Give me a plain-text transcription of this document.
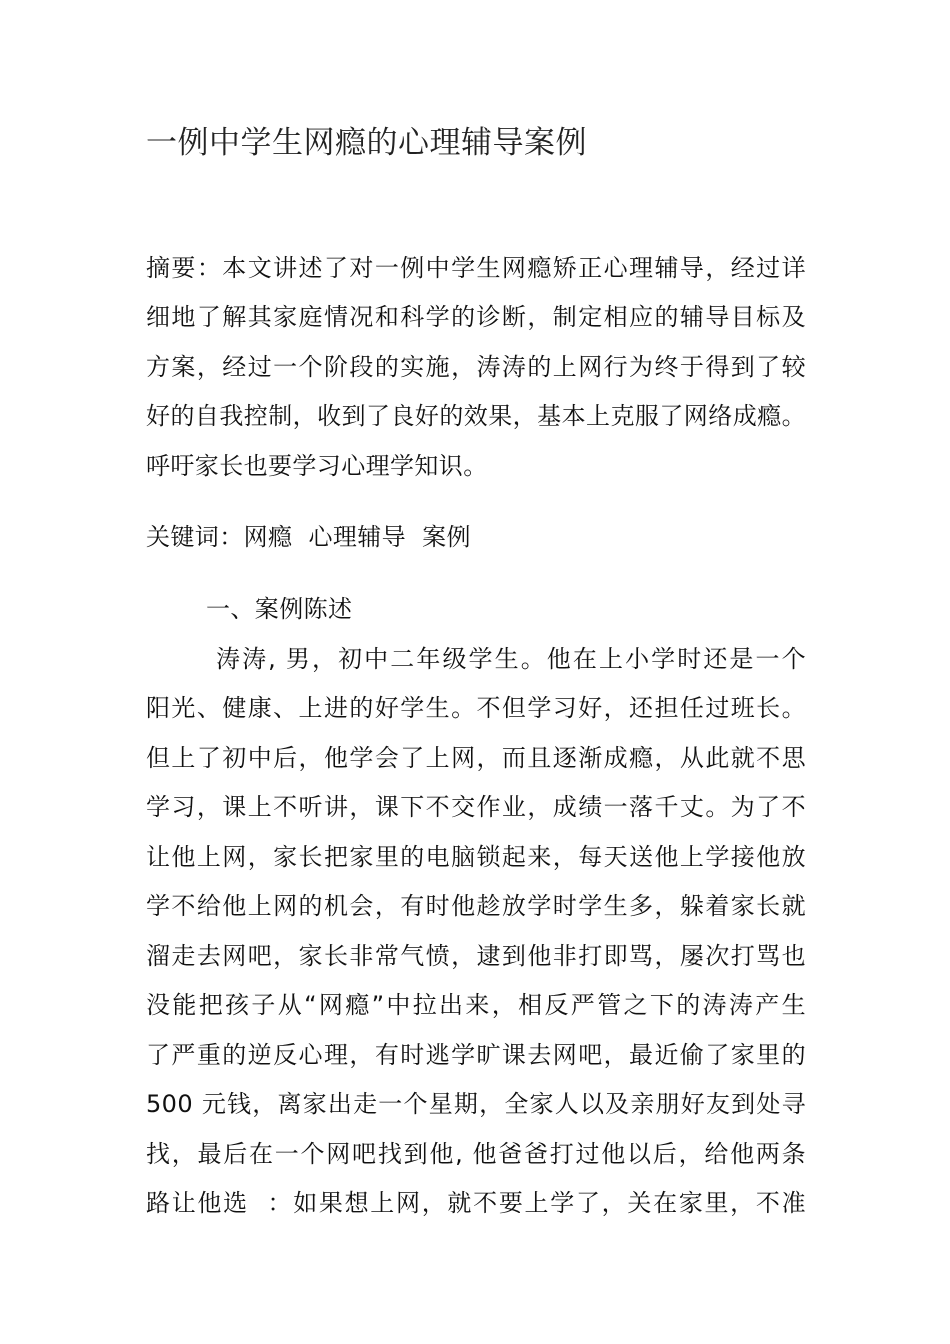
一例中学生网瘾的心理辅导案例
摘要：本文讲述了对一例中学生网瘾矫正心理辅导，经过详
细地了解其家庭情况和科学的诊断，制定相应的辅导目标及
方案，经过一个阶段的实施，涛涛的上网行为终于得到了较
好的自我控制，收到了良好的效果，基本上克服了网络成瘾。
呼吁家长也要学习心理学知识。
关键词：网瘾  心理辅导  案例
一、案例陈述
涛涛, 男，初中二年级学生。他在上小学时还是一个
阳光、健康、上进的好学生。不但学习好，还担任过班长。
但上了初中后，他学会了上网，而且逐渐成瘾，从此就不思
学习，课上不听讲，课下不交作业，成绩一落千丈。为了不
让他上网，家长把家里的电脑锁起来，每天送他上学接他放
学不给他上网的机会，有时他趁放学时学生多，躲着家长就
溜走去网吧，家长非常气愤，逮到他非打即骂，屡次打骂也
没能把孩子从“网瘾”中拉出来，相反严管之下的涛涛产生
了严重的逆反心理，有时逃学旷课去网吧，最近偷了家里的
500 元钱，离家出走一个星期，全家人以及亲朋好友到处寻
找，最后在一个网吧找到他, 他爸爸打过他以后，给他两条
路让他选  ：如果想上网，就不要上学了，关在家里，不准
